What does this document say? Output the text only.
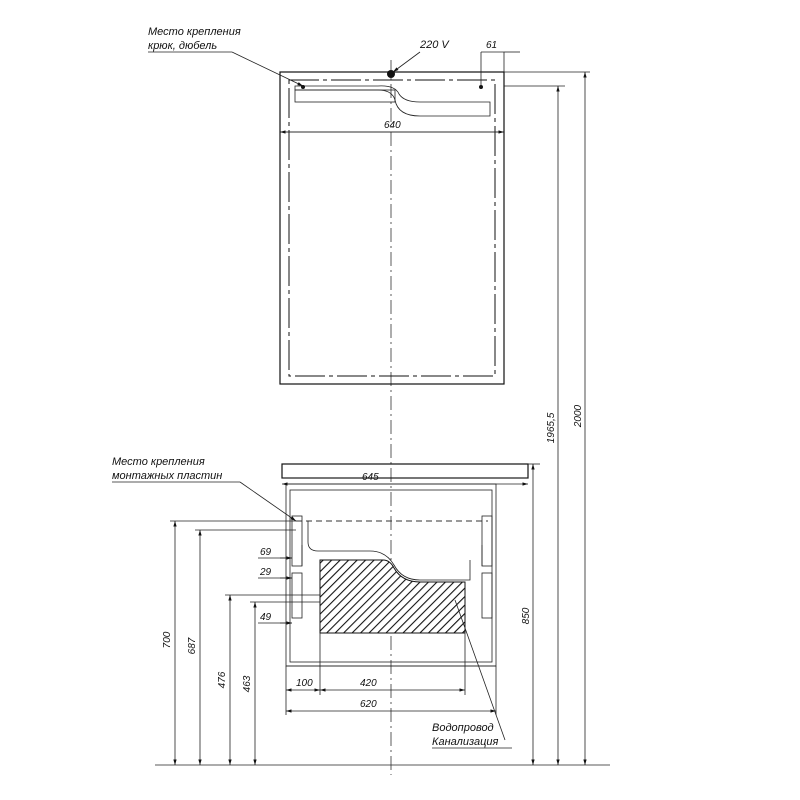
Место крепления
крюк, дюбель	220 V	61
640
1965,5 2000
Место крепления
монтажных пластин	645
850
700 687
476 463
69
29
49
100	420
620
Водопровод
Канализация
